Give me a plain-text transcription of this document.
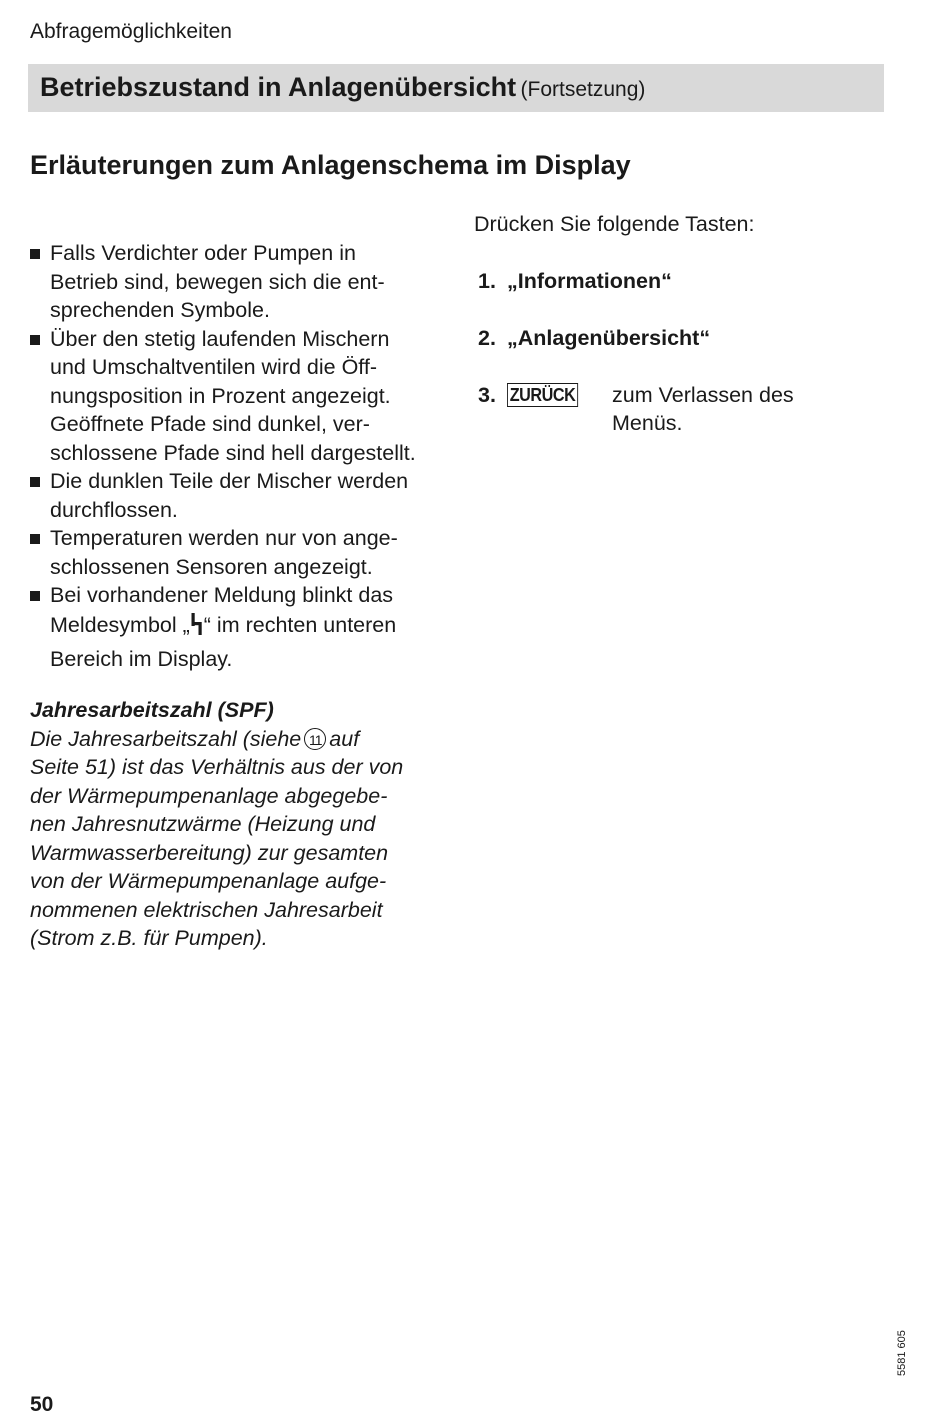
Abfragemöglichkeiten
Betriebszustand in Anlagenübersicht (Fortsetzung)
Erläuterungen zum Anlagenschema im Display
Falls Verdichter oder Pumpen in
Betrieb sind, bewegen sich die ent-
sprechenden Symbole.
Über den stetig laufenden Mischern
und Umschaltventilen wird die Öff-
nungsposition in Prozent angezeigt.
Geöffnete Pfade sind dunkel, ver-
schlossene Pfade sind hell dargestellt.
Die dunklen Teile der Mischer werden
durchflossen.
Temperaturen werden nur von ange-
schlossenen Sensoren angezeigt.
Bei vorhandener Meldung blinkt das
Meldesymbol „ “ im rechten unteren
Bereich im Display.
Drücken Sie folgende Tasten:
1. „Informationen“
2. „Anlagenübersicht“
3. ZURÜCK zum Verlassen des
Menüs.
Jahresarbeitszahl (SPF)
Die Jahresarbeitszahl (siehe 11 auf
Seite 51) ist das Verhältnis aus der von
der Wärmepumpenanlage abgegebe-
nen Jahresnutzwärme (Heizung und
Warmwasserbereitung) zur gesamten
von der Wärmepumpenanlage aufge-
nommenen elektrischen Jahresarbeit
(Strom z.B. für Pumpen).
5581 605
50
